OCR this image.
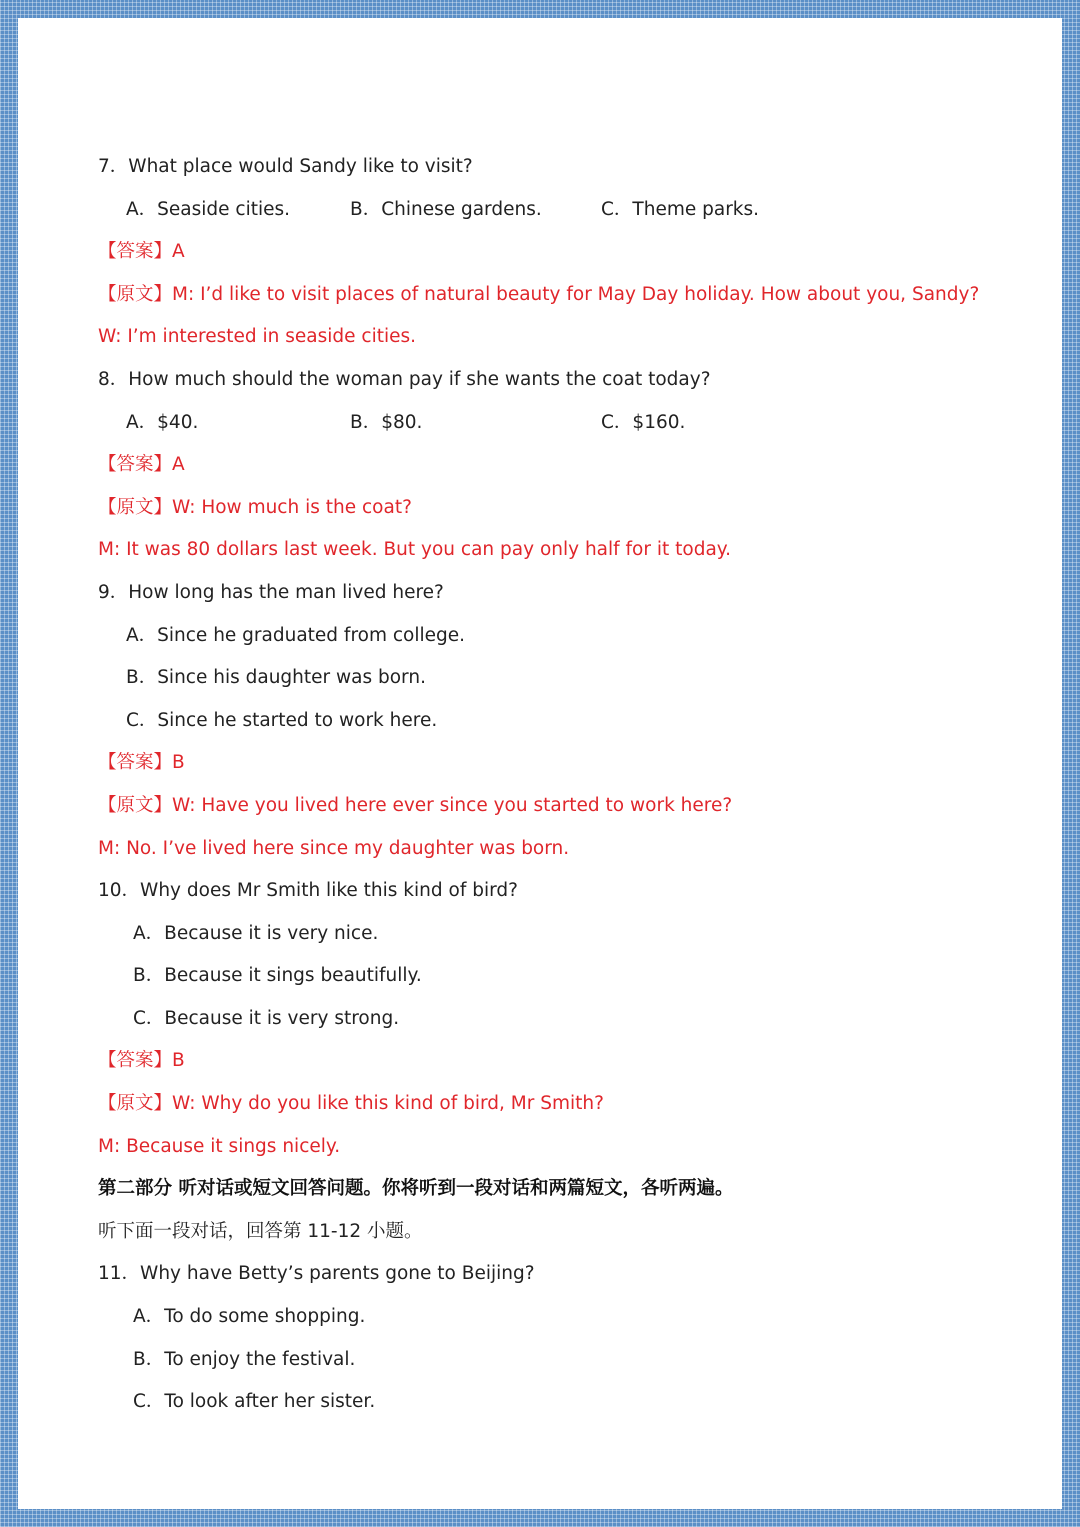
7．What place would Sandy like to visit?
A．Seaside cities.	B．Chinese gardens.	C．Theme parks.
【答案】A
【原文】M: I’d like to visit places of natural beauty for May Day holiday. How about you, Sandy?
W: I’m interested in seaside cities.
8．How much should the woman pay if she wants the coat today?
A．$40.	B．$80.	C．$160.
【答案】A
【原文】W: How much is the coat?
M: It was 80 dollars last week. But you can pay only half for it today.
9．How long has the man lived here?
A．Since he graduated from college.
B．Since his daughter was born.
C．Since he started to work here.
【答案】B
【原文】W: Have you lived here ever since you started to work here?
M: No. I’ve lived here since my daughter was born.
10．Why does Mr Smith like this kind of bird?
A．Because it is very nice.
B．Because it sings beautifully.
C．Because it is very strong.
【答案】B
【原文】W: Why do you like this kind of bird, Mr Smith?
M: Because it sings nicely.
第二部分 听对话或短文回答问题。你将听到一段对话和两篇短文，各听两遍。
听下面一段对话，回答第 11-12 小题。
11．Why have Betty’s parents gone to Beijing?
A．To do some shopping.
B．To enjoy the festival.
C．To look after her sister.
